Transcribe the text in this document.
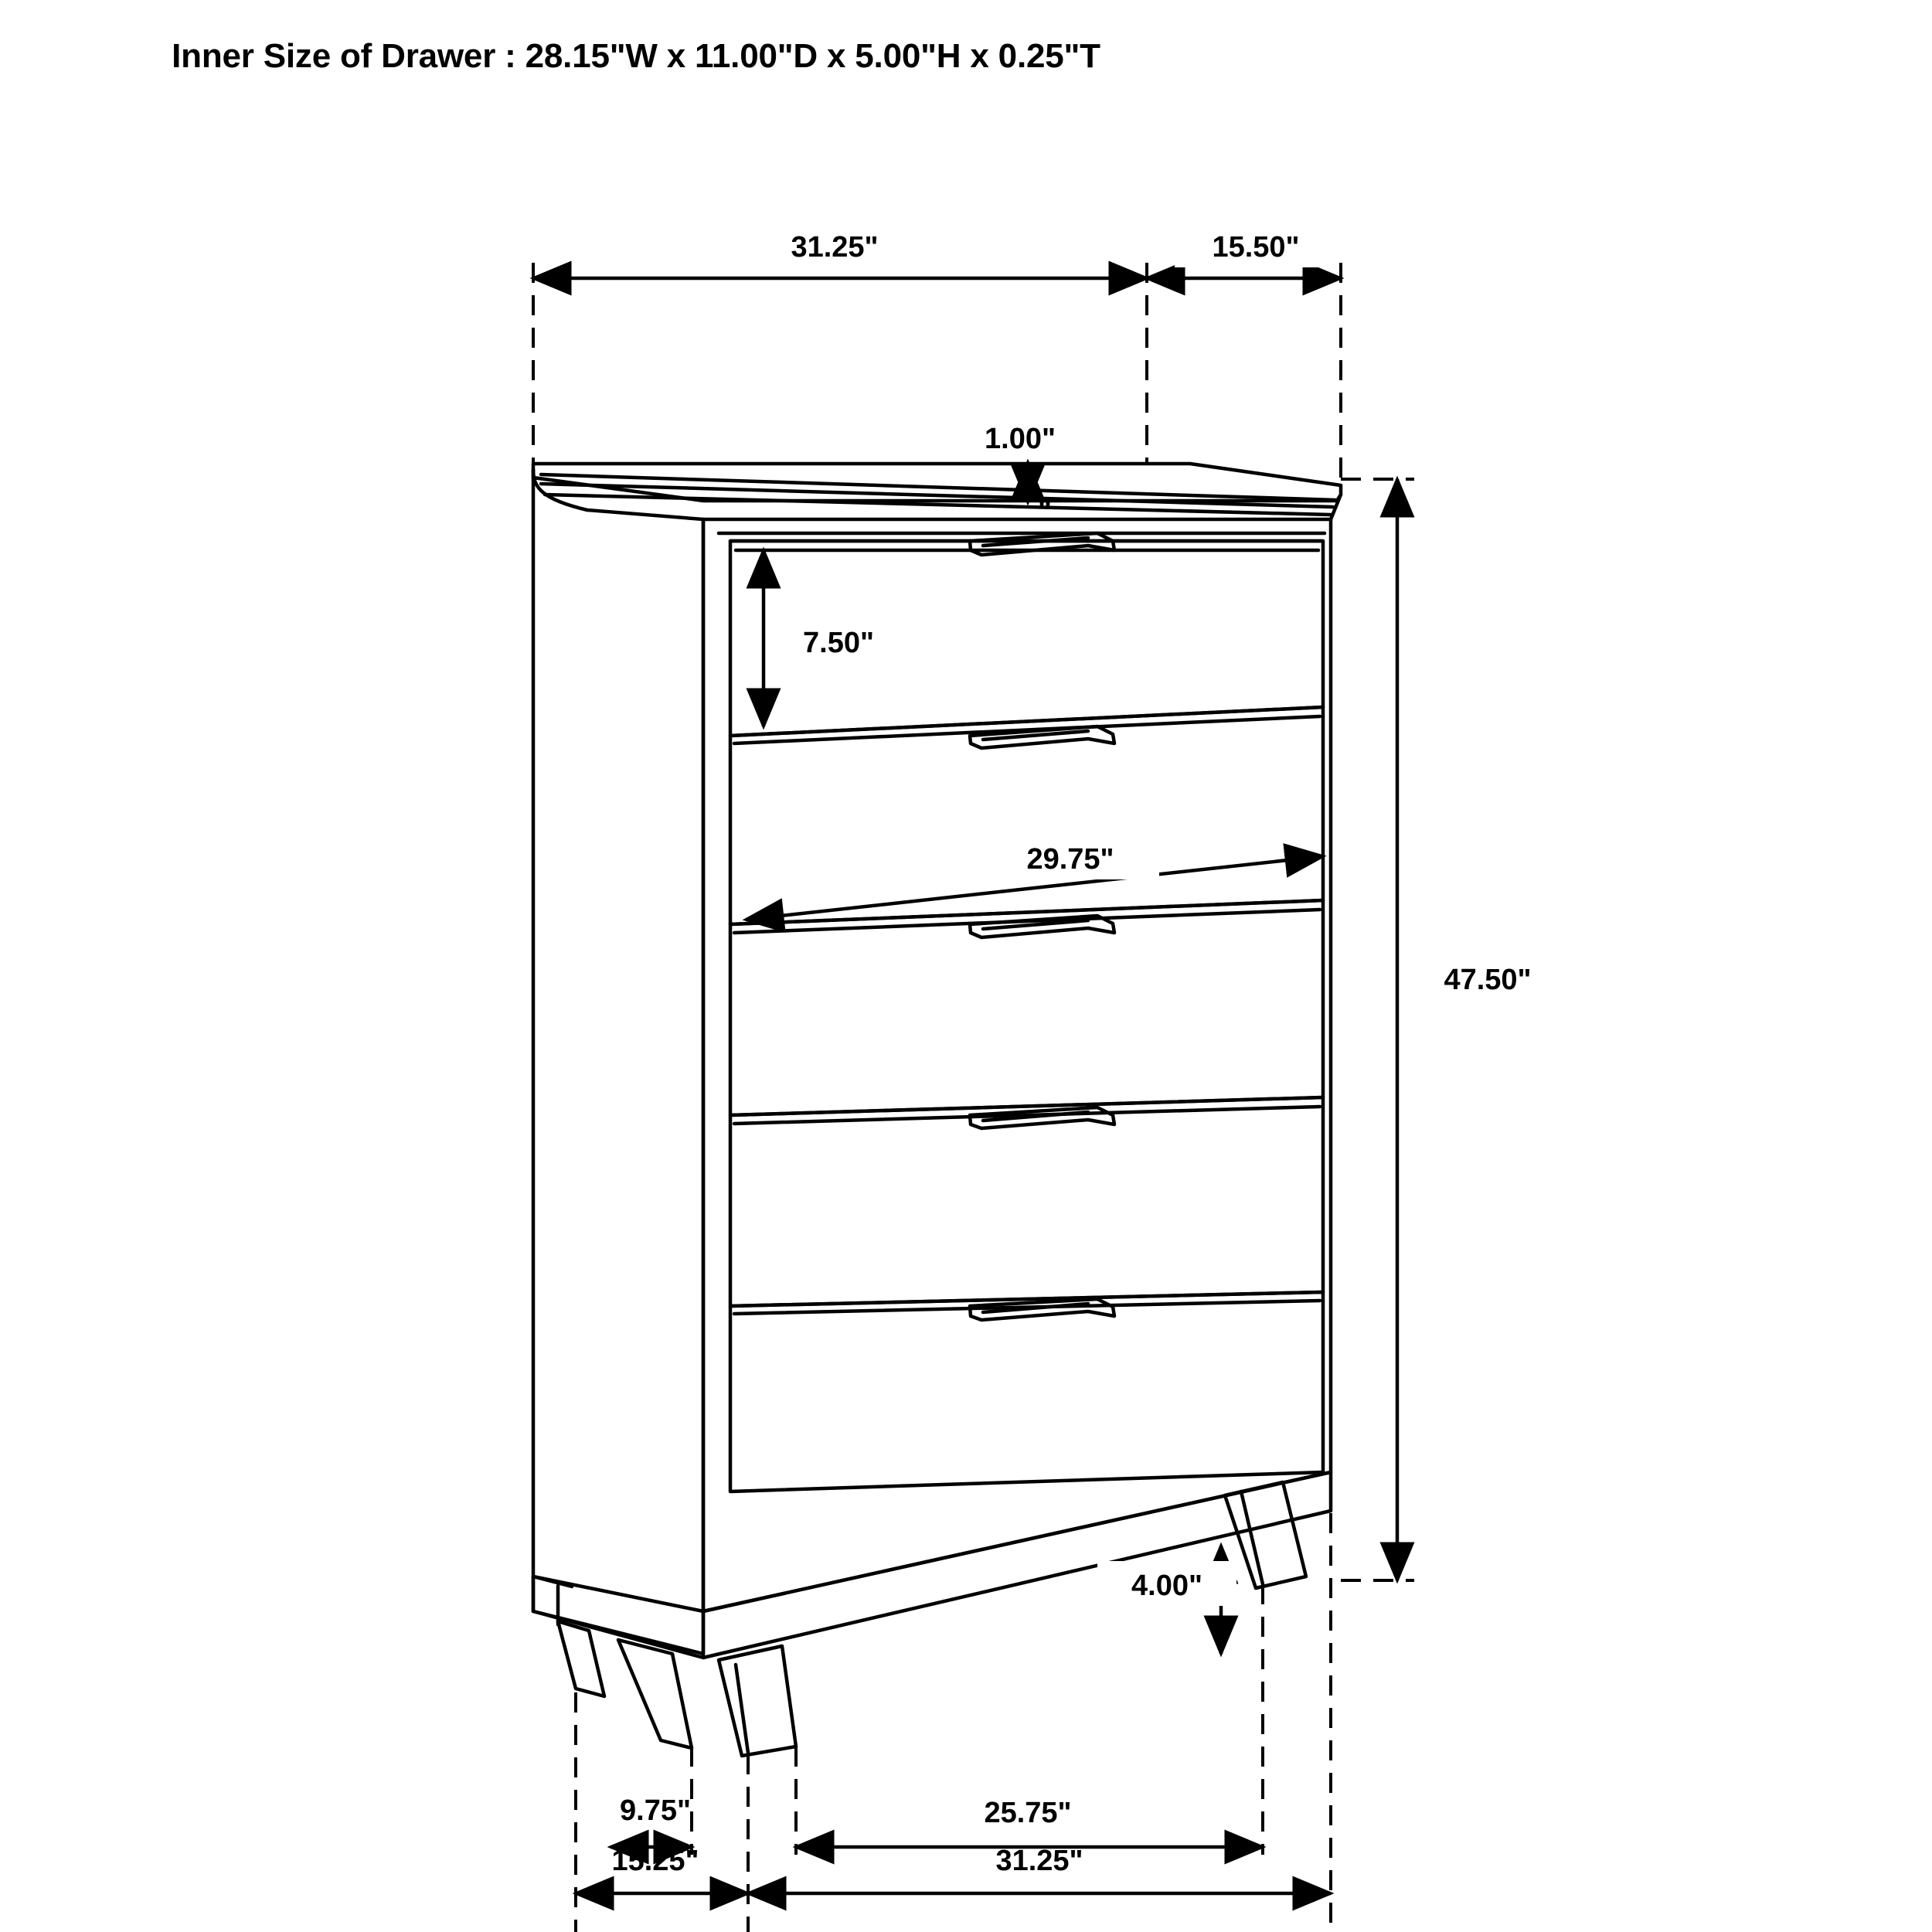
Inner Size of Drawer : 28.15"W x 11.00"D x 5.00"H x 0.25"T
31.25"	15.50"
1.00"
"
7.50"
29.75"
47.50"
4.00"
9.75"	25.75"
15.25"	31.25"
